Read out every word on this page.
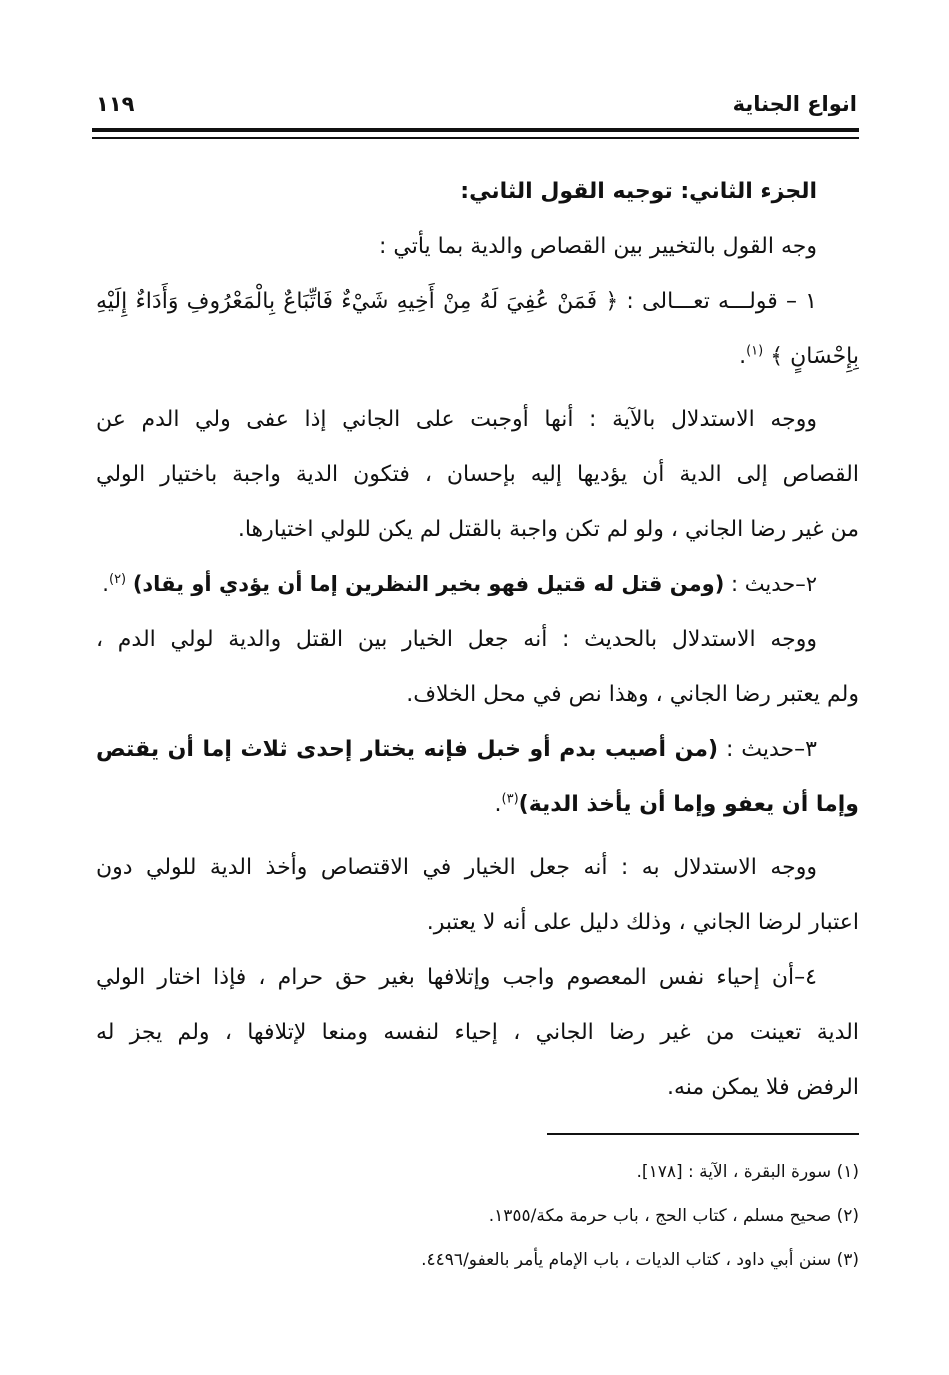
انواع الجناية
١١٩
الجزء الثاني: توجيه القول الثاني:
وجه القول بالتخيير بين القصاص والدية بما يأتي :
١ – قولـــه تعـــالى : ﴿ فَمَنْ عُفِيَ لَهُ مِنْ أَخِيهِ شَيْءٌ فَاتِّبَاعٌ بِالْمَعْرُوفِ وَأَدَاءٌ إِلَيْهِ
بِإِحْسَانٍ ﴾ $^{(١)}$.
ووجه الاستدلال بالآية : أنها أوجبت على الجاني إذا عفى ولي الدم عن
القصاص إلى الدية أن يؤديها إليه بإحسان ، فتكون الدية واجبة باختيار الولي
من غير رضا الجاني ، ولو لم تكن واجبة بالقتل لم يكن للولي اختيارها.
٢–حديث : (ومن قتل له قتيل فهو بخير النظرين إما أن يؤدي أو يقاد) $^{(٢)}$.
ووجه الاستدلال بالحديث : أنه جعل الخيار بين القتل والدية لولي الدم ،
ولم يعتبر رضا الجاني ، وهذا نص في محل الخلاف.
٣–حديث : (من أصيب بدم أو خبل فإنه يختار إحدى ثلاث إما أن يقتص
وإما أن يعفو وإما أن يأخذ الدية)$^{(٣)}$.
ووجه الاستدلال به : أنه جعل الخيار في الاقتصاص وأخذ الدية للولي دون
اعتبار لرضا الجاني ، وذلك دليل على أنه لا يعتبر.
٤–أن إحياء نفس المعصوم واجب وإتلافها بغير حق حرام ، فإذا اختار الولي
الدية تعينت من غير رضا الجاني ، إحياء لنفسه ومنعا لإتلافها ، ولم يجز له
الرفض فلا يمكن منه.
(١) سورة البقرة ، الآية : [١٧٨].
(٢) صحيح مسلم ، كتاب الحج ، باب حرمة مكة/١٣٥٥.
(٣) سنن أبي داود ، كتاب الديات ، باب الإمام يأمر بالعفو/٤٤٩٦.
